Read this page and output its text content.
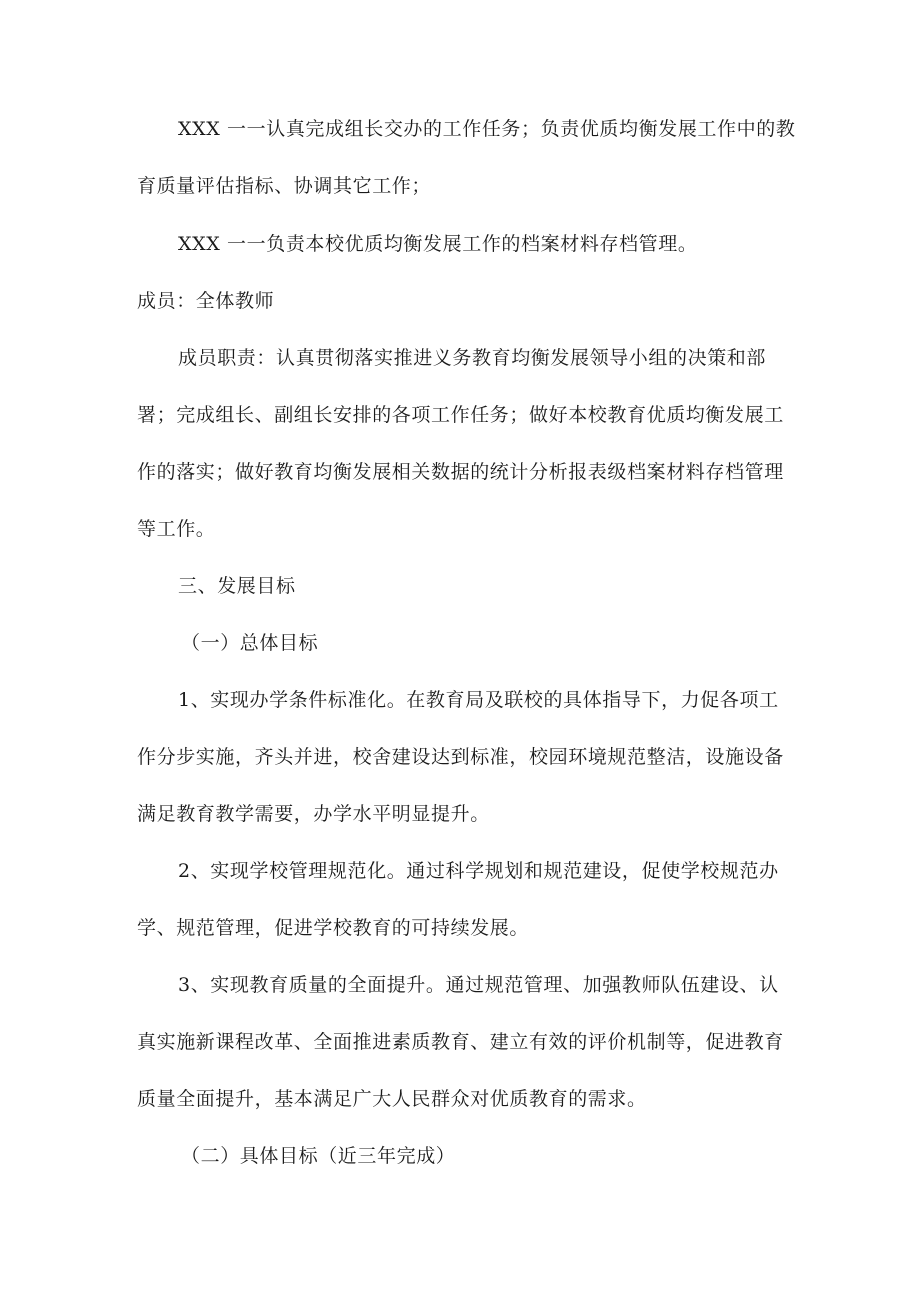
XXX 一一认真完成组长交办的工作任务；负责优质均衡发展工作中的教
育质量评估指标、协调其它工作；
XXX 一一负责本校优质均衡发展工作的档案材料存档管理。
成员：全体教师
成员职责：认真贯彻落实推进义务教育均衡发展领导小组的决策和部
署；完成组长、副组长安排的各项工作任务；做好本校教育优质均衡发展工
作的落实；做好教育均衡发展相关数据的统计分析报表级档案材料存档管理
等工作。
三、发展目标
（一）总体目标
1、实现办学条件标准化。在教育局及联校的具体指导下，力促各项工
作分步实施，齐头并进，校舍建设达到标准，校园环境规范整洁，设施设备
满足教育教学需要，办学水平明显提升。
2、实现学校管理规范化。通过科学规划和规范建设，促使学校规范办
学、规范管理，促进学校教育的可持续发展。
3、实现教育质量的全面提升。通过规范管理、加强教师队伍建设、认
真实施新课程改革、全面推进素质教育、建立有效的评价机制等，促进教育
质量全面提升，基本满足广大人民群众对优质教育的需求。
（二）具体目标（近三年完成）
